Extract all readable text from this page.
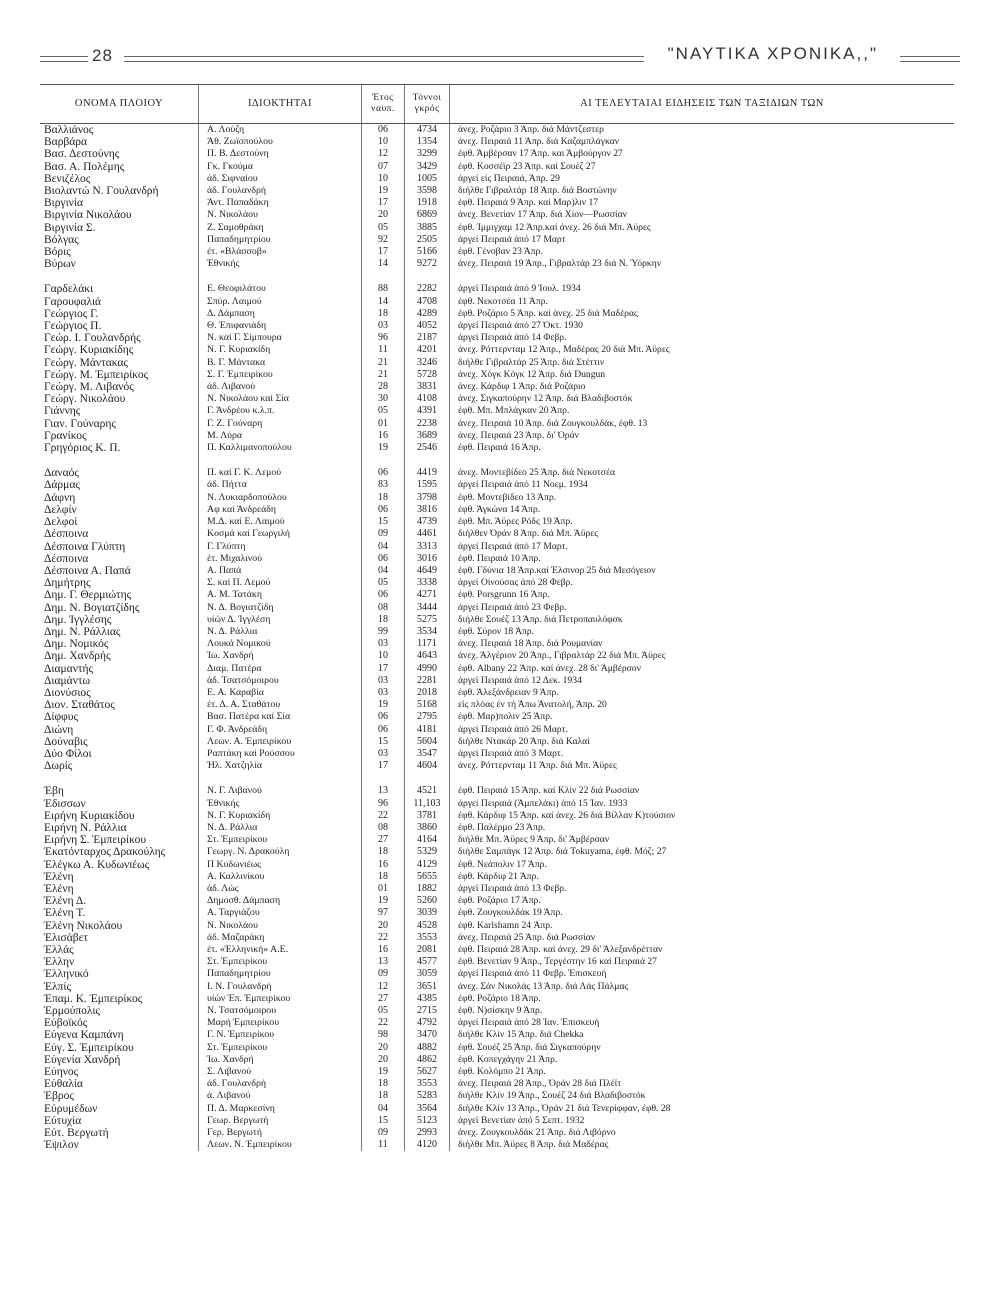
28	"ΝΑΥΤΙΚΑ ΧΡΟΝΙΚΑ,,"
ΟΝΟΜΑ ΠΛΟΙΟΥ	ΙΔΙΟΚΤΗΤΑΙ	Έτος ναυπ.	Τόννοι γκρός	ΑΙ ΤΕΛΕΥΤΑΙΑΙ ΕΙΔΗΣΕΙΣ ΤΩΝ ΤΑΞΙΔΙΩΝ ΤΩΝ
Βαλλιάνος	Α. Λούζη	06	4734	άνεχ. Ροζάριο 3 Άπρ. διά Μάντζεστερ
Βαρβάρα	Άθ. Ζωϊοπούλου	10	1354	άνεχ. Πειραιά 11 Άπρ. διά Καζαμπλάγκαν
Βασ. Δεστούνης	Π. Β. Δεστούνη	12	3299	έφθ. Άμβέρσαν 17 Άπρ. και Άμβούργον 27
Βασ. Α. Πολέμης	Γκ. Γκούμα	07	3429	έφθ. Κοσσέϊρ 23 Άπρ. καί Σουέζ 27
Βενιζέλος	άδ. Σιφναίου	10	1005	άργεί είς Πειραιά, Άπρ. 29
Βιολαντώ Ν. Γουλανδρή	άδ. Γουλανδρή	19	3598	διήλθε Γιβραλτάρ 18 Άπρ. διά Βοστώνην
Βιργινία	Άντ. Παπαδάκη	17	1918	έφθ. Πειραιά 9 Άπρ. καί Μαρ)λιν 17
Βιργινία Νικολάου	Ν. Νικολάου	20	6869	άνεχ. Βενετίαν 17 Άπρ. διά Χίον—Ρωσσίαν
Βιργινία Σ.	Ζ. Σαμοθράκη	05	3885	έφθ. Ίμμιγχαμ 12 Άπρ.καί άνεχ. 26 διά Μπ. Άϋρες
Βόλγας	Παπαδημητρίου	92	2505	άργεί Πειραιά άπό 17 Μαρτ
Βόρις	έτ. «Βλάσσοβ»	17	5166	έφθ. Γένοβαν 23 Άπρ.
Βύρων	Έθνικής	14	9272	άνεχ. Πειραιά 19 Άπρ., Γιβραλτάρ 23 διά Ν. Ύόρκην

Γαρδελάκι	Ε. Θεοφιλάτου	88	2282	άργεί Πειραιά άπό 9 Ίουλ. 1934
Γαρουφαλιά	Σπύρ. Λαιμού	14	4708	έφθ. Νεκοτσέα 11 Άπρ.
Γεώργιος Γ.	Δ. Δάμπαση	18	4289	έφθ. Ροζάριο 5 Άπρ. καί άνεχ. 25 διά Μαδέρας
Γεώργιος Π.	Θ. Έπιφανιάδη	03	4052	άργεί Πειραιά άπό 27 Όκτ. 1930
Γεώρ. Ι. Γουλανδρής	Ν. καί Γ. Σίμπουρα	96	2187	άργεί Πειραιά άπό 14 Φεβρ.
Γεώργ. Κυριακίδης	Ν. Γ. Κυριακίδη	11	4201	άνεχ. Ρόττερνταμ 12 Άπρ., Μαδέρας 20 διά Μπ. Άϋρες
Γεώργ. Μάντακας	Β. Γ. Μάντακα	21	3246	διήλθε Γιβραλτάρ 25 Άπρ. διά Στέττιν
Γεώργ. Μ. Έμπειρίκος	Σ. Γ. Έμπειρίκου	21	5728	άνεχ. Χόγκ Κόγκ 12 Άπρ. διά Dungun
Γεώργ. Μ. Λιβανός	άδ. Λιβανού	28	3831	άνεχ. Κάρδιφ 1 Άπρ. διά Ροζάριο
Γεώργ. Νικολάου	Ν. Νικολάου καί Σία	30	4108	άνεχ. Σιγκαπούρην 12 Άπρ. διά Βλαδιβοστόκ
Γιάννης	Γ. Άνδρέου κ.λ.π.	05	4391	έφθ. Μπ. Μπλάγκαν 20 Άπρ.
Γιαν. Γούναρης	Γ. Ζ. Γούναρη	01	2238	άνεχ. Πειραιά 10 Άπρ. διά Ζουγκουλδάκ, έφθ. 13
Γρανίκος	Μ. Λύρα	16	3689	άνεχ. Πειραιά 23 Άπρ. δι' Όράν
Γρηγόριος Κ. Π.	Π. Καλλιμανοπούλου	19	2546	έφθ. Πειραιά 16 Άπρ.

Δαναός	Π. καί Γ. Κ. Λεμού	06	4419	άνεχ. Μοντεβίδεο 25 Άπρ. διά Νεκοτσέα
Δάρμας	άδ. Πήττα	83	1595	άργεί Πειραιά άπό 11 Νοεμ. 1934
Δάφνη	Ν. Λυκιαρδοπούλου	18	3798	έφθ. Μοντεβίδεο 13 Άπρ.
Δελφίν	Αφ καί Άνδρεάδη	06	3816	έφθ. Άγκώνα 14 Άπρ.
Δελφοί	Μ.Δ. καί Ε. Λαιμού	15	4739	έφθ. Μπ. Άϋρες Ρόδς 19 Άπρ.
Δέσποινα	Κοσμά καί Γεωργιλή	09	4461	διήλθεν Όράν 8 Άπρ. διά Μπ. Άϋρες
Δέσποινα Γλύπτη	Γ. Γλύπτη	04	3313	άργεί Πειραιά άπό 17 Μαρτ.
Δέσποινα	έτ. Μιχαλινού	06	3016	έφθ. Πειραιά 10 Άπρ.
Δέσποινα Α. Παπά	Α. Παπά	04	4649	έφθ. Γδύνια 18 Άπρ.καί Έλσινορ 25 διά Μεσόγειον
Δημήτρης	Σ. καί Π. Λεμού	05	3338	άργεί Οίνούσας άπό 28 Φεβρ.
Δημ. Γ. Θερμιώτης	Α. Μ. Τατάκη	06	4271	έφθ. Porsgrunn 16 Άπρ.
Δημ. Ν. Βογιατζίδης	Ν. Δ. Βογιατζίδη	08	3444	άργεί Πειραιά άπό 23 Φεβρ.
Δημ. Ίγγλέσης	υίών Δ. Ίγγλέση	18	5275	διήλθε Σουέζ 13 Άπρ. διά Πετροπαυλόφσκ
Δημ. Ν. Ράλλιας	Ν. Δ. Ράλλια	99	3534	έφθ. Σύρον 18 Άπρ.
Δημ. Νομικός	Λουκά Νομικού	03	1171	άνεχ. Πειραιά 18 Άπρ. διά Ρουμανίαν
Δημ. Χανδρής	Ίω. Χανδρή	10	4643	άνεχ. Άλγέριον 20 Άπρ., Γιβραλτάρ 22 διά Μπ. Άϋρες
Διαμαντής	Διαμ. Πατέρα	17	4990	έφθ. Albany 22 Άπρ. καί άνεχ. 28 δι' Άμβέρσον
Διαμάντω	άδ. Τσατσόμοιρου	03	2281	άργεί Πειραιά άπό 12 Δεκ. 1934
Διονύσιος	Ε. Α. Καραβία	03	2018	έφθ. Άλεξάνδρειαν 9 Άπρ.
Διον. Σταθάτος	έτ. Δ. Α. Σταθάτου	19	5168	είς πλόας έν τή Άπω Άνατολή, Άπρ. 20
Δίφφυς	Βασ. Πατέρα καί Σία	06	2795	έφθ. Μαρ)πολιν 25 Άπρ.
Διώνη	Γ. Φ. Άνδρεάδη	06	4181	άργεί Πειραιά άπό 26 Μαρτ.
Δούναβις	Λεων. Α. Έμπειρίκου	15	5604	διήλθε Ντακάρ 20 Άπρ. διά Καλαί
Δύο Φίλοι	Ραπτάκη καί Ρούσσου	03	3547	άργεί Πειραιά άπό 3 Μαρτ.
Δωρίς	Ήλ. Χατζηλία	17	4604	άνεχ. Ρόττερνταμ 11 Άπρ. διά Μπ. Άϋρες

Έβη	Ν. Γ. Λιβανού	13	4521	έφθ. Πειραιά 15 Άπρ. καί Κλίν 22 διά Ρωσσίαν
Έδισσων	Έθνικής	96	11,103	άργεί Πειραιά (Άμπελάκι) άπό 15 Ίαν. 1933
Ειρήνη Κυριακίδου	Ν. Γ. Κυριακίδη	22	3781	έφθ. Κάρδιφ 15 Άπρ. καί άνεχ. 26 διά Βίλλαν Κ)τούσιον
Ειρήνη Ν. Ράλλια	Ν. Δ. Ράλλια	08	3860	έφθ. Παλέρμο 23 Άπρ.
Ειρήνη Σ. Έμπειρίκου	Στ. Έμπειρίκου	27	4164	διήλθε Μπ. Άϋρες 9 Άπρ. δι' Άμβέρσαν
Έκατόνταρχος Δρακούλης	Γεωργ. Ν. Δρακούλη	18	5329	διήλθε Σαμπάγκ 12 Άπρ. διά Tokuyama, έφθ. Μόζ; 27
Έλέγκω Α. Κυδωνιέως	Π Κυδωνιέως	16	4129	έφθ. Νεάπολιν 17 Άπρ.
Έλένη	Α. Καλλινίκου	18	5655	έφθ. Κάρδιφ 21 Άπρ.
Έλένη	άδ. Λώς	01	1882	άργεί Πειραιά άπό 13 Φεβρ.
Έλένη Δ.	Δημοσθ. Δάμπαση	19	5260	έφθ. Ροζάριο 17 Άπρ.
Έλένη Τ.	Α. Ταργιάζου	97	3039	έφθ. Ζουγκουλδάκ 19 Άπρ.
Έλένη Νικολάου	Ν. Νικολάου	20	4528	έφθ. Karlshamn 24 Άπρ.
Έλισάβετ	άδ. Μαζαράκη	22	3553	άνεχ. Πειραιά 25 Άπρ. διά Ρωσσίαν
Έλλάς	έτ. «Έλληνική» Α.Ε.	16	2081	έφθ. Πειραιά 28 Άπρ. καί άνεχ. 29 δι' Άλεξανδρέτταν
Έλλην	Στ. Έμπειρίκου	13	4577	έφθ. Βενετίαν 9 Άπρ., Τεργέστην 16 καί Πειραιά 27
Έλληνικό	Παπαδημητρίου	09	3059	άργεί Πειραιά άπό 11 Φεβρ. Έπισκευή
Έλπίς	Ι. Ν. Γουλανδρή	12	3651	άνεχ. Σάν Νικολάς 13 Άπρ. διά Λάς Πάλμας
Έπαμ. Κ. Έμπειρίκος	υίών Έπ. Έμπειρίκου	27	4385	έφθ. Ροζάριο 18 Άπρ.
Έρμούπολις	Ν. Τσατσόμοιρου	05	2715	έφθ. Ν)σίσκην 9 Άπρ.
Εύβοϊκός	Μαρή Έμπειρίκου	22	4792	άργεί Πειραιά άπό 28 Ίαν. Έπισκευή
Εύγενα Καμπάνη	Γ. Ν. Έμπειρίκου	98	3470	διήλθε Κλίν 15 Άπρ. διά Chekka
Εύγ. Σ. Έμπειρίκου	Στ. Έμπειρίκου	20	4882	έφθ. Σουέζ 25 Άπρ. διά Σιγκαπούρην
Εύγενία Χανδρή	Ίω. Χανδρή	20	4862	έφθ. Κοπεγχάγην 21 Άπρ.
Εύηνος	Σ. Λιβανού	19	5627	έφθ. Κολόμπο 21 Άπρ.
Εύθαλία	άδ. Γουλανδρή	18	3553	άνεχ. Πειραιά 28 Άπρ., Όράν 28 διά Πλέϊτ
Έβρος	ά. Λιβανού	18	5283	διήλθε Κλίν 19 Άπρ., Σουέζ 24 διά Βλαδιβοστόκ
Εύρυμέδων	Π. Δ. Μαρκεσίνη	04	3564	διήλθε Κλίν 13 Άπρ., Όράν 21 διά Τενερίφφαν, έφθ. 28
Εύτυχία	Γεωρ. Βεργωτή	15	5123	άργεί Βενετίαν άπό 5 Σεπτ. 1932
Εύτ. Βεργωτή	Γερ. Βεργωτή	09	2993	άνεχ. Ζουγκουλδάκ 21 Άπρ. διά Λιβόρνο
Έψιλον	Λεων. Ν. Έμπειρίκου	11	4120	διήλθε Μπ. Άϋρες 8 Άπρ. διά Μαδέρας
